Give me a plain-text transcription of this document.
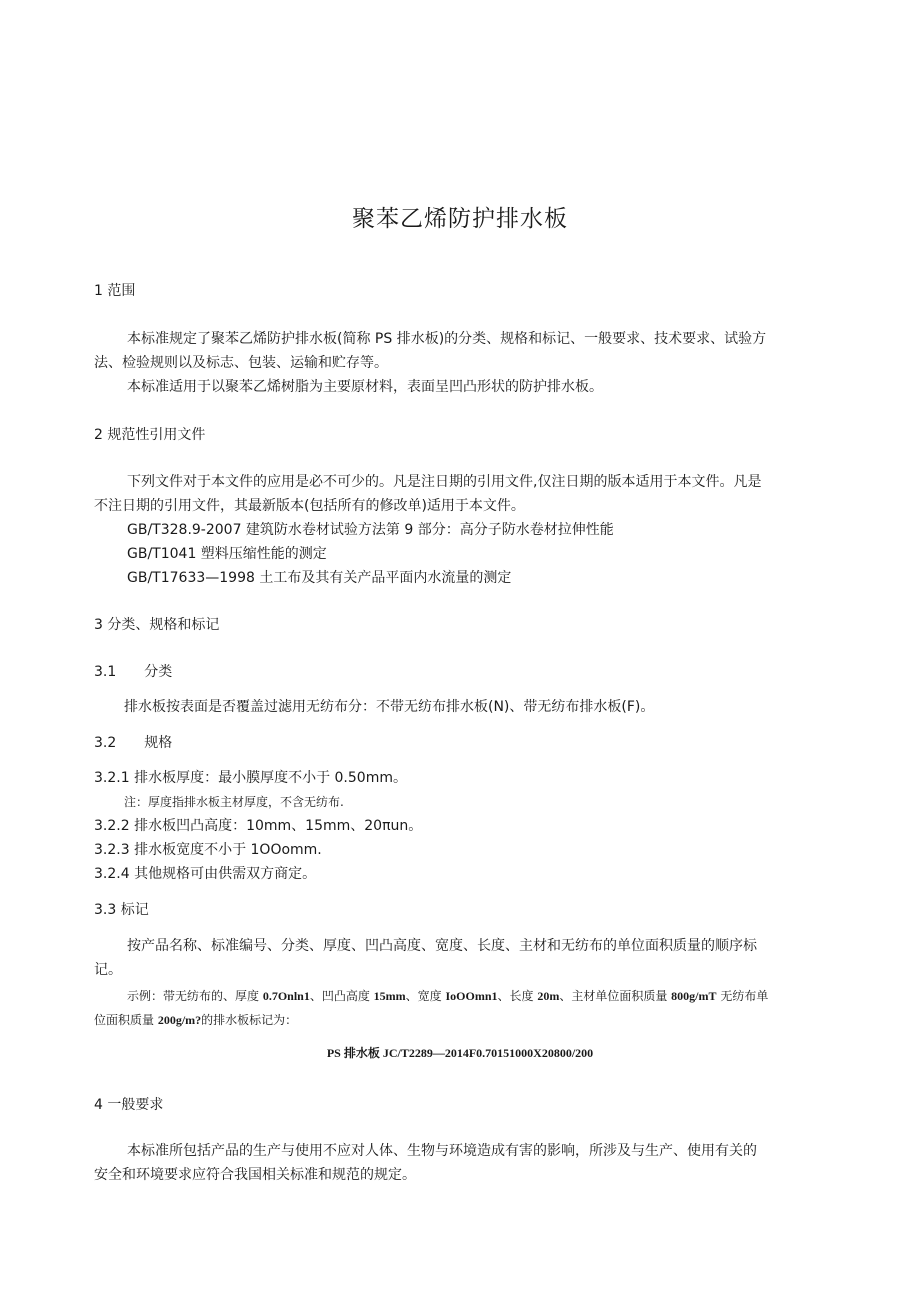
聚苯乙烯防护排水板

1 范围

本标准规定了聚苯乙烯防护排水板(简称 PS 排水板)的分类、规格和标记、一般要求、技术要求、试验方

法、检验规则以及标志、包装、运输和贮存等。

本标准适用于以聚苯乙烯树脂为主要原材料，表面呈凹凸形状的防护排水板。

2 规范性引用文件

下列文件对于本文件的应用是必不可少的。凡是注日期的引用文件,仅注日期的版本适用于本文件。凡是

不注日期的引用文件，其最新版本(包括所有的修改单)适用于本文件。

GB/T328.9-2007 建筑防水卷材试验方法第 9 部分：高分子防水卷材拉伸性能

GB/T1041 塑料压缩性能的测定

GB/T17633—1998 土工布及其有关产品平面内水流量的测定

3 分类、规格和标记

3.1 分类

排水板按表面是否覆盖过滤用无纺布分：不带无纺布排水板(N)、带无纺布排水板(F)。

3.2 规格

3.2.1 排水板厚度：最小膜厚度不小于 0.50mm。

注：厚度指排水板主材厚度，不含无纺布.

3.2.2 排水板凹凸高度：10mm、15mm、20πun。

3.2.3 排水板宽度不小于 1OOomm.

3.2.4 其他规格可由供需双方商定。

3.3 标记

按产品名称、标准编号、分类、厚度、凹凸高度、宽度、长度、主材和无纺布的单位面积质量的顺序标

记。

示例：带无纺布的、厚度 0.7Onln1、凹凸高度 15mm、宽度 IoOOmn1、长度 20m、主材单位面积质量 800g/mT 无纺布单

位面积质量 200g/m?的排水板标记为：

PS 排水板 JC/T2289—2014F0.70151000X20800/200

4 一般要求

本标准所包括产品的生产与使用不应对人体、生物与环境造成有害的影响，所涉及与生产、使用有关的

安全和环境要求应符合我国相关标准和规范的规定。
